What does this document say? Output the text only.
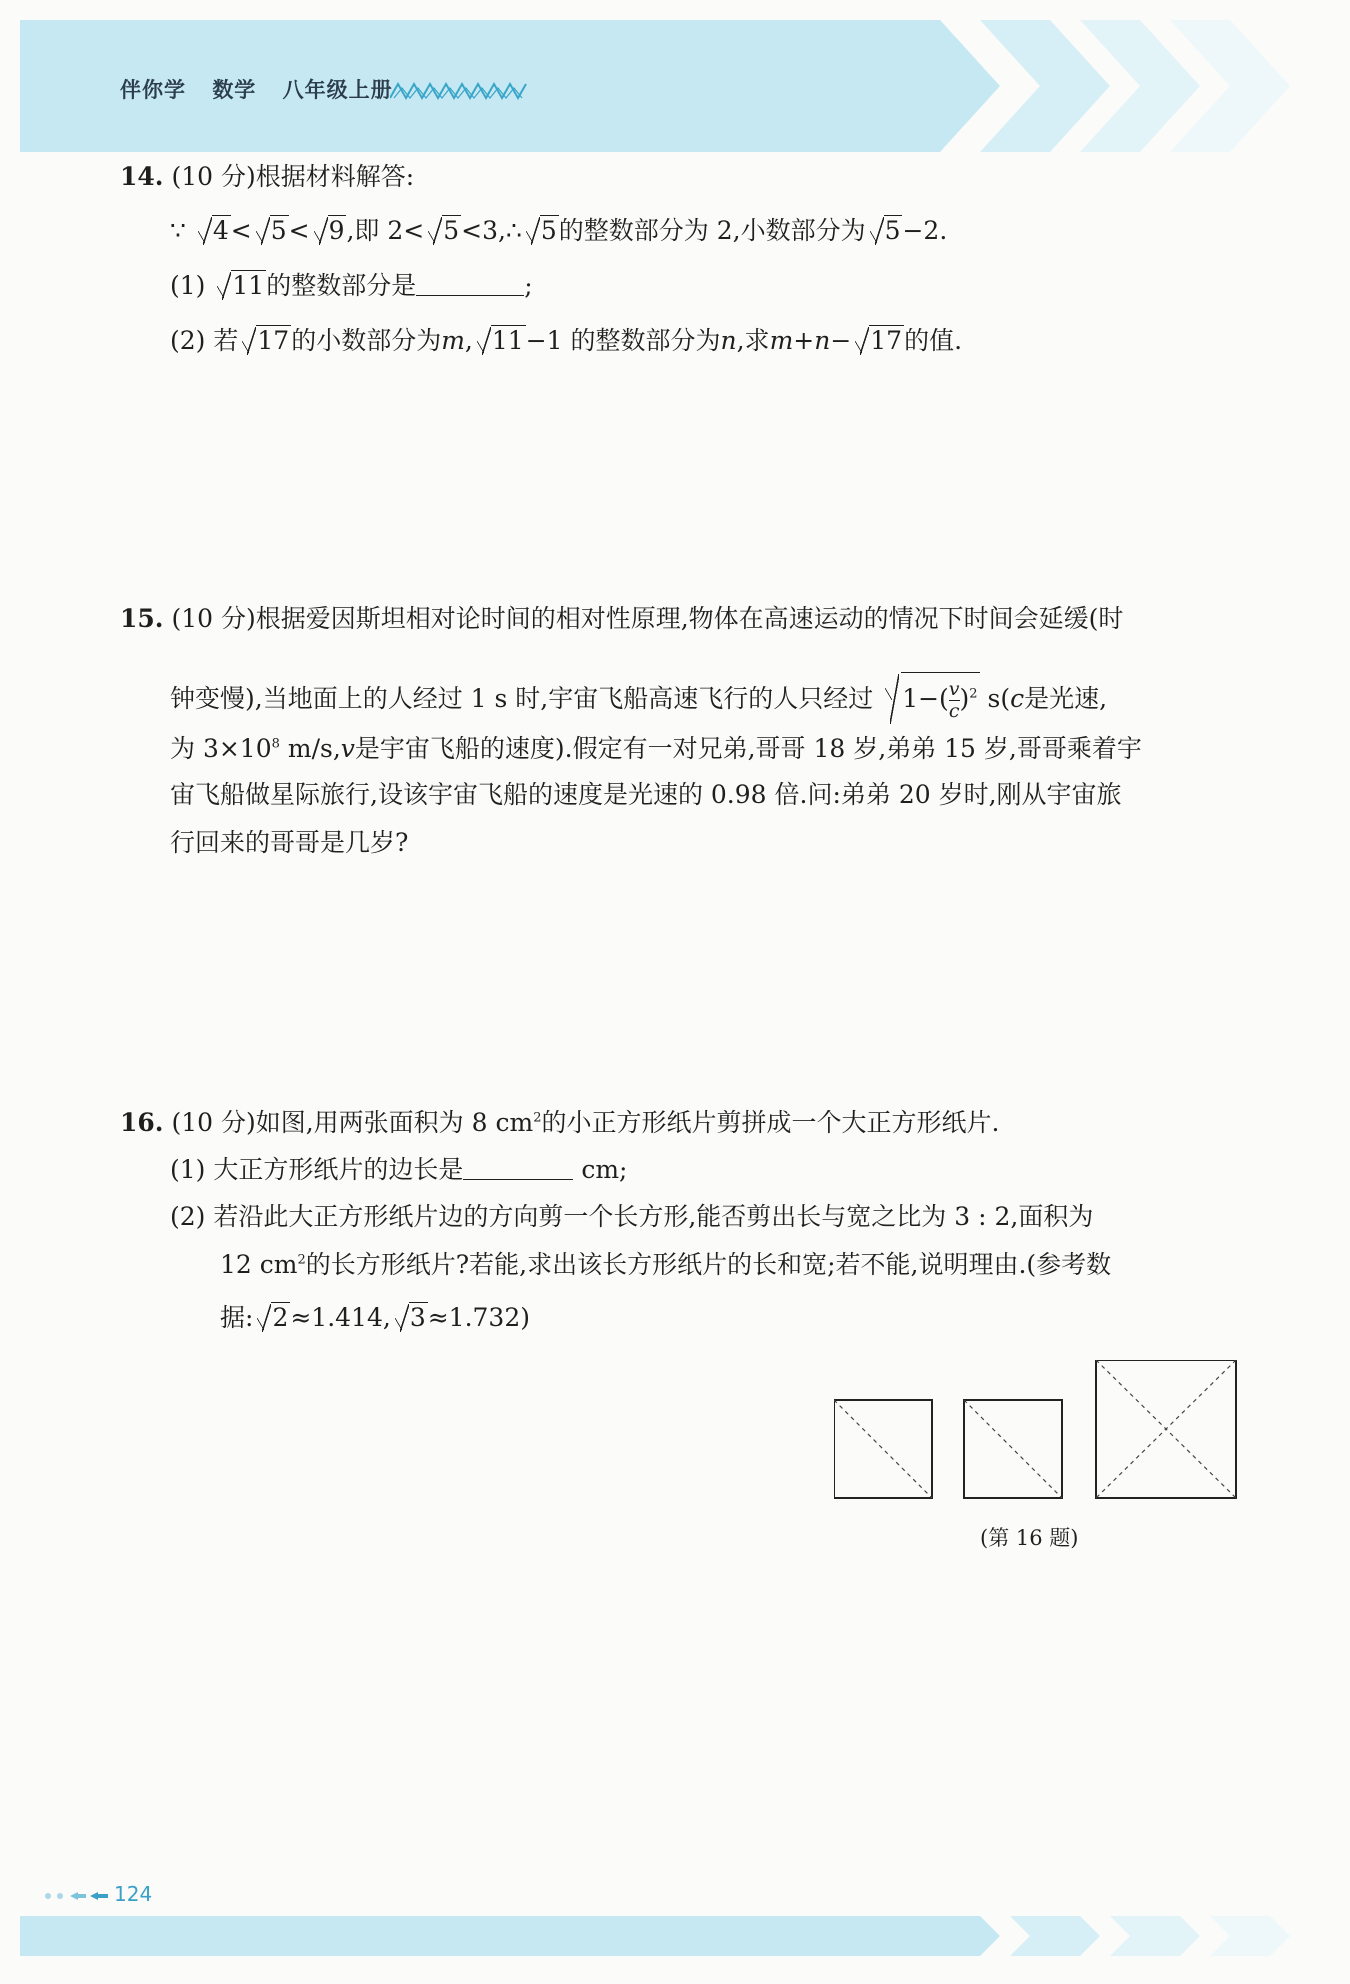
伴你学 数学 八年级上册
14. (10 分)根据材料解答:
∵ 4< 5< 9,即 2< 5<3,∴ 5的整数部分为 2,小数部分为 5−2.
(1) 11的整数部分是	;
(2) 若 17的小数部分为m, 11−1 的整数部分为n,求m+n− 17的值.
15. (10 分)根据爱因斯坦相对论时间的相对性原理,物体在高速运动的情况下时间会延缓(时
钟变慢),当地面上的人经过 1 s 时,宇宙飞船高速飞行的人只经过 $1-( \frac{v}{c} )^2$ s(c是光速,
为 $3\times 10^8$ m/s,v是宇宙飞船的速度).假定有一对兄弟,哥哥 18 岁,弟弟 15 岁,哥哥乘着宇
宙飞船做星际旅行,设该宇宙飞船的速度是光速的 0.98 倍.问:弟弟 20 岁时,刚从宇宙旅
行回来的哥哥是几岁?
16. (10 分)如图,用两张面积为 8 $cm^2$的小正方形纸片剪拼成一个大正方形纸片.
(1) 大正方形纸片的边长是	cm;
(2) 若沿此大正方形纸片边的方向剪一个长方形,能否剪出长与宽之比为 3 : 2,面积为
12 $cm^2$的长方形纸片?若能,求出该长方形纸片的长和宽;若不能,说明理由.(参考数
据: 2≈1.414, 3≈1.732)
(第 16 题)
124
